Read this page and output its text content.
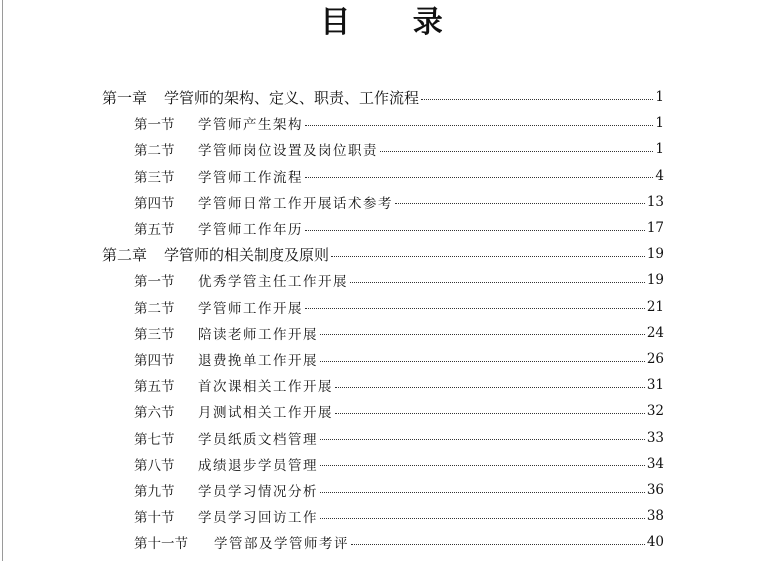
目 录
第一章	学管师的架构、定义、职责、工作流程	1
第一节	学管师产生架构	1
第二节	学管师岗位设置及岗位职责	1
第三节	学管师工作流程	4
第四节	学管师日常工作开展话术参考	13
第五节	学管师工作年历	17
第二章	学管师的相关制度及原则	19
第一节	优秀学管主任工作开展	19
第二节	学管师工作开展	21
第三节	陪读老师工作开展	24
第四节	退费挽单工作开展	26
第五节	首次课相关工作开展	31
第六节	月测试相关工作开展	32
第七节	学员纸质文档管理	33
第八节	成绩退步学员管理	34
第九节	学员学习情况分析	36
第十节	学员学习回访工作	38
第十一节	学管部及学管师考评	40
